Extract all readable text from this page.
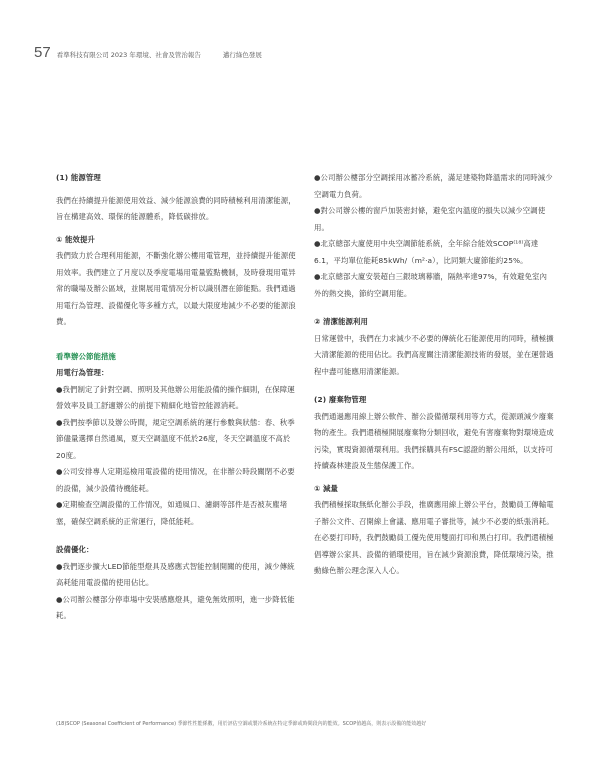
57 看準科技有限公司 2023 年環境、社會及管治報告	邁行綠色發展

(1) 能源管理

我們在持續提升能源使用效益、減少能源浪費的同時積極利用清潔能源，旨在構建高效、環保的能源體系，降低碳排放。

① 能效提升

我們致力於合理利用能源，不斷強化辦公樓用電管理，並持續提升能源使用效率。我們建立了月度以及季度電場用電量監點機制，及時發現用電异常的職場及辦公區域，並開展用電情况分析以識別潛在節能點。我們通過用電行為管理、設備優化等多種方式，以最大限度地減少不必要的能源浪費。

看準辦公節能措施

用電行為管理：

●我們制定了針對空調、照明及其他辦公用能設備的操作細則，在保障運營效率及員工舒適辦公的前提下精細化地管控能源消耗。

●我們按季節以及辦公時間，規定空調系統的運行參數與狀態：春、秋季節儘量選擇自然通風，夏天空調溫度不低於26度，冬天空調溫度不高於20度。

●公司安排專人定期巡檢用電設備的使用情况，在非辦公時段關閉不必要的設備，減少設備待機能耗。

●定期檢查空調設備的工作情况，如通風口、濾網等部件是否被灰塵堵塞，確保空調系統的正常運行，降低能耗。

設備優化：

●我們逐步擴大LED節能型燈具及感應式智能控制開關的使用，減少傳統高耗能用電設備的使用佔比。

●公司辦公樓部分停車場中安裝感應燈具，避免無效照明，進一步降低能耗。

●公司辦公樓部分空調採用冰蓄冷系統，滿足建築物降溫需求的同時減少空調電力負荷。

●對公司辦公樓的窗戶加裝密封條，避免室內溫度的損失以減少空調使用。

●北京總部大廈使用中央空調節能系統，全年綜合能效SCOP⁽¹⁸⁾高達6.1，平均單位能耗85kWh/（m²·a），比同類大廈節能約25%。

●北京總部大廈安裝超白三銀玻璃幕牆，隔熱率達97%，有效避免室內外的熱交換，節約空調用能。

② 清潔能源利用

日常運營中，我們在力求減少不必要的傳統化石能源使用的同時，積極擴大清潔能源的使用佔比。我們高度關注清潔能源技術的發展，並在運營過程中盡可能應用清潔能源。

(2) 廢棄物管理

我們通過應用線上辦公軟件、辦公設備循環利用等方式，從源頭減少廢棄物的產生。我們還積極開展廢棄物分類回收，避免有害廢棄物對環境造成污染，實現資源循環利用。我們採購具有FSC認證的辦公用紙，以支持可持續森林建設及生態保護工作。

① 減量

我們積極採取無紙化辦公手段，推廣應用線上辦公平台，鼓勵員工傳輸電子辦公文件、召開線上會議、應用電子審批等，減少不必要的紙張消耗。在必要打印時，我們鼓勵員工優先使用雙面打印和黑白打印。我們還積極倡導辦公家具、設備的循環使用，旨在減少資源浪費，降低環境污染，推動綠色辦公理念深入人心。

(18)SCOP (Seasonal Coefficient of Performance) 季節性性能係數，用於評估空調或製冷系統在特定季節或時間段內的能效。SCOP值越高，則表示設備的能效越好
